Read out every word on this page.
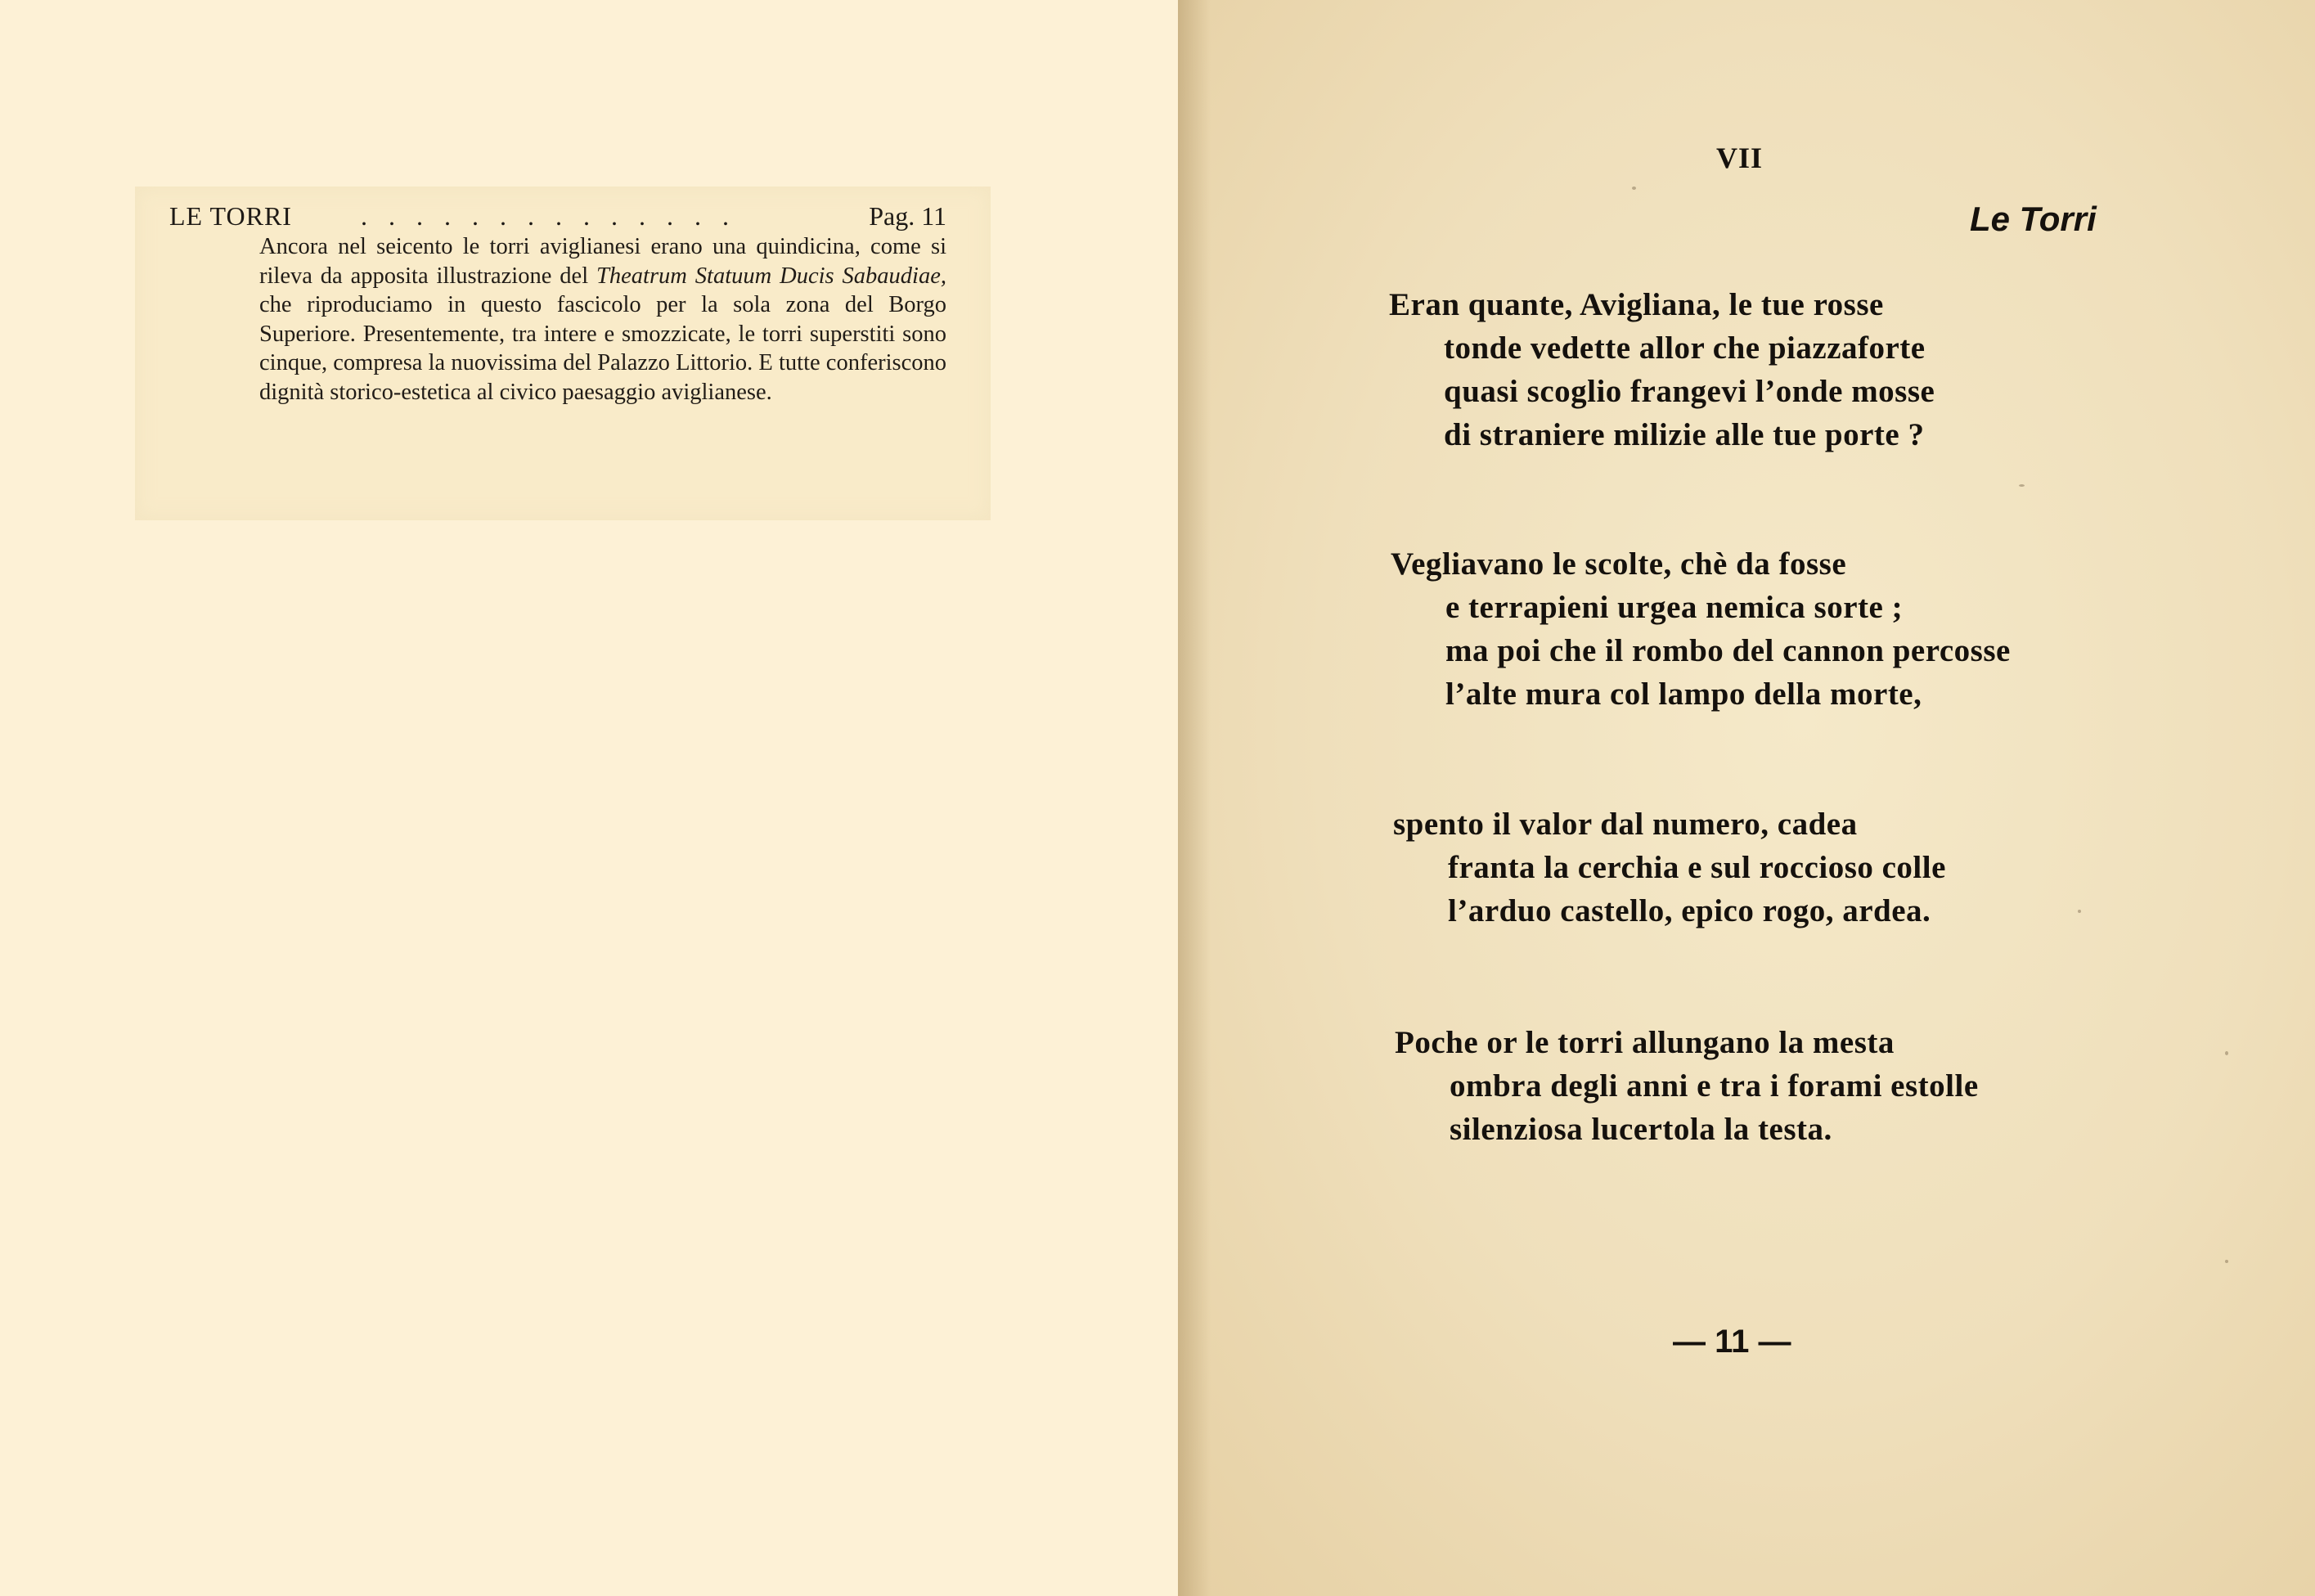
LE TORRI	. . . . . . . . . . . . . .	Pag. 11

Ancora nel seicento le torri aviglianesi erano una quindicina, come si rileva da apposita illustrazione del Theatrum Statuum Ducis Sabaudiae, che riproduciamo in questo fascicolo per la sola zona del Borgo Superiore. Presentemente, tra intere e smozzicate, le torri superstiti sono cinque, compresa la nuovissima del Palazzo Littorio. E tutte conferiscono dignità storico-estetica al civico paesaggio aviglianese.

VII
Le Torri
Eran quante, Avigliana, le tue rosse
tonde vedette allor che piazzaforte
quasi scoglio frangevi l’onde mosse
di straniere milizie alle tue porte ?
Vegliavano le scolte, chè da fosse
e terrapieni urgea nemica sorte ;
ma poi che il rombo del cannon percosse
l’alte mura col lampo della morte,
spento il valor dal numero, cadea
franta la cerchia e sul roccioso colle
l’arduo castello, epico rogo, ardea.
Poche or le torri allungano la mesta
ombra degli anni e tra i forami estolle
silenziosa lucertola la testa.
— 11 —
